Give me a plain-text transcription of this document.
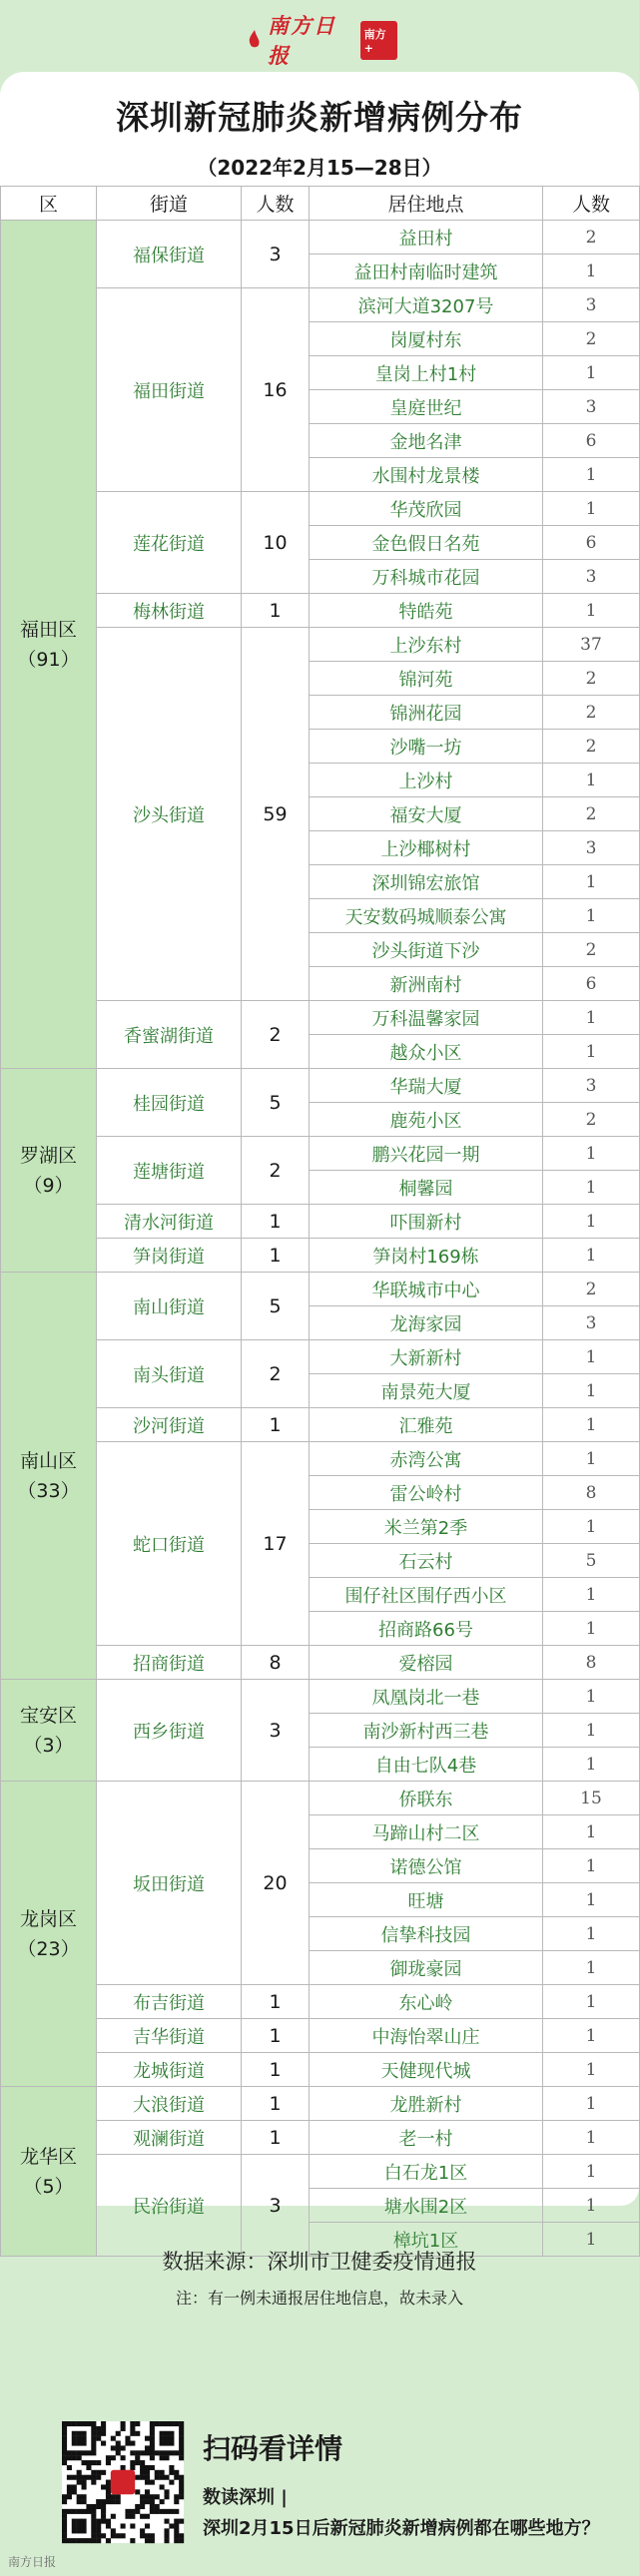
南方日报
南方+
深圳新冠肺炎新增病例分布
（2022年2月15—28日）
区	街道	人数	居住地点	人数

福田区
（91）	福保街道	3	益田村	2
			益田村南临时建筑	1
	福田街道	16	滨河大道3207号	3
			岗厦村东	2
			皇岗上村1村	1
			皇庭世纪	3
			金地名津	6
			水围村龙景楼	1
	莲花街道	10	华茂欣园	1
			金色假日名苑	6
			万科城市花园	3
	梅林街道	1	特皓苑	1
	沙头街道	59	上沙东村	37
			锦河苑	2
			锦洲花园	2
			沙嘴一坊	2
			上沙村	1
			福安大厦	2
			上沙椰树村	3
			深圳锦宏旅馆	1
			天安数码城顺泰公寓	1
			沙头街道下沙	2
			新洲南村	6
	香蜜湖街道	2	万科温馨家园	1
			越众小区	1

罗湖区
（9）	桂园街道	5	华瑞大厦	3
			鹿苑小区	2
	莲塘街道	2	鹏兴花园一期	1
			桐馨园	1
	清水河街道	1	吓围新村	1
	笋岗街道	1	笋岗村169栋	1

南山区
（33）	南山街道	5	华联城市中心	2
			龙海家园	3
	南头街道	2	大新新村	1
			南景苑大厦	1
	沙河街道	1	汇雅苑	1
	蛇口街道	17	赤湾公寓	1
			雷公岭村	8
			米兰第2季	1
			石云村	5
			围仔社区围仔西小区	1
			招商路66号	1
	招商街道	8	爱榕园	8

宝安区
（3）	西乡街道	3	凤凰岗北一巷	1
			南沙新村西三巷	1
			自由七队4巷	1

龙岗区
（23）	坂田街道	20	侨联东	15
			马蹄山村二区	1
			诺德公馆	1
			旺塘	1
			信挚科技园	1
			御珑豪园	1
	布吉街道	1	东心岭	1
	吉华街道	1	中海怡翠山庄	1
	龙城街道	1	天健现代城	1

龙华区
（5）	大浪街道	1	龙胜新村	1
	观澜街道	1	老一村	1
	民治街道	3	白石龙1区	1
			塘水围2区	1
			樟坑1区	1
数据来源：深圳市卫健委疫情通报
注：有一例未通报居住地信息，故未录入
扫码看详情
数读深圳 |
深圳2月15日后新冠肺炎新增病例都在哪些地方？
南方日报
